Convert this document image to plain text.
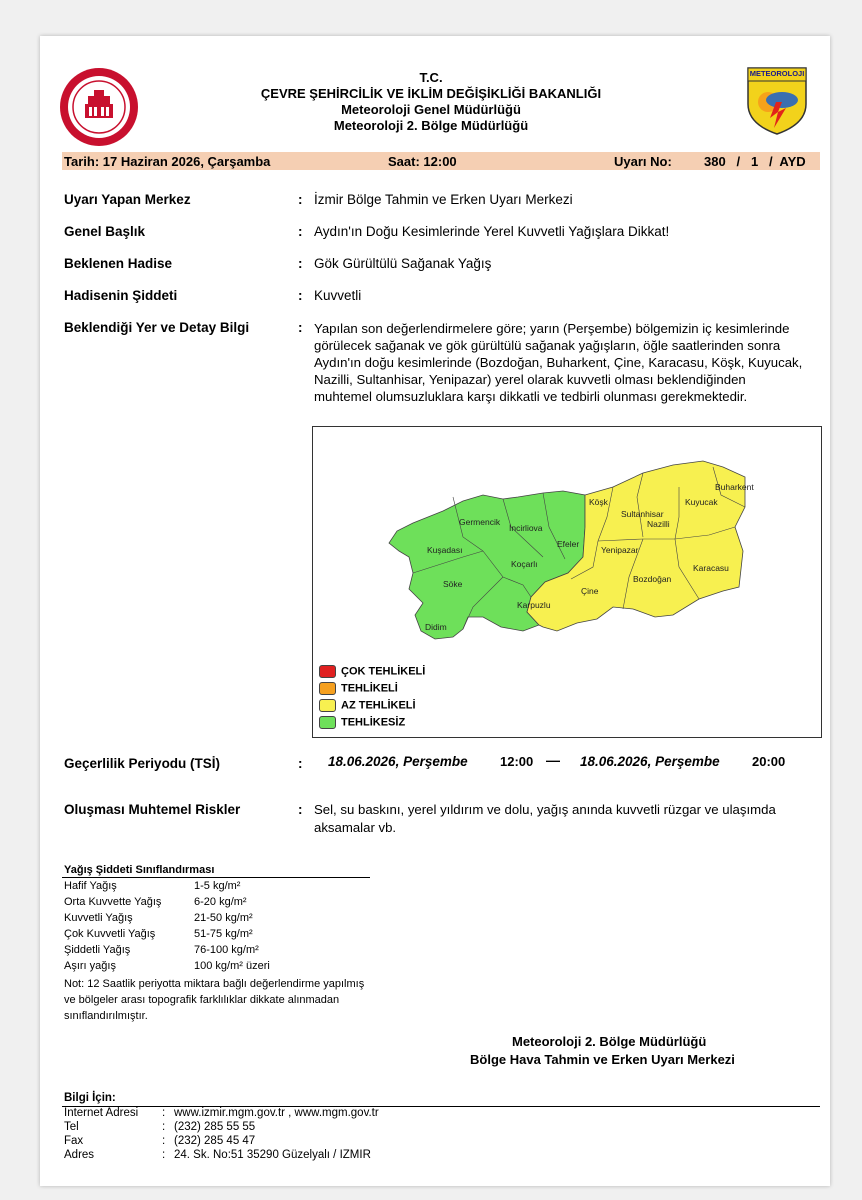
T.C.
ÇEVRE ŞEHİRCİLİK VE İKLİM DEĞİŞİKLİĞİ BAKANLIĞI
Meteoroloji Genel Müdürlüğü
Meteoroloji 2. Bölge Müdürlüğü
METEOROLOJI
Tarih: 17 Haziran 2026, Çarşamba	Saat: 12:00	Uyarı No: 380   /   1   /  AYD
Uyarı Yapan Merkez	: İzmir Bölge Tahmin ve Erken Uyarı Merkezi
Genel Başlık	: Aydın'ın Doğu Kesimlerinde Yerel Kuvvetli Yağışlara Dikkat!
Beklenen Hadise	: Gök Gürültülü Sağanak Yağış
Hadisenin Şiddeti	: Kuvvetli
Beklendiği Yer ve Detay Bilgi	: Yapılan son değerlendirmelere göre; yarın (Perşembe) bölgemizin iç kesimlerinde görülecek sağanak ve gök gürültülü sağanak yağışların, öğle saatlerinden sonra Aydın'ın doğu kesimlerinde (Bozdoğan, Buharkent, Çine, Karacasu, Köşk, Kuyucak, Nazilli, Sultanhisar, Yenipazar) yerel olarak kuvvetli olması beklendiğinden muhtemel olumsuzluklara karşı dikkatli ve tedbirli olunması gerekmektedir.
Germencik
İncirliova
Kuşadası
Efeler
Koçarlı
Söke
Karpuzlu
Didim
Köşk
Sultanhisar
Nazilli
Buharkent
Kuyucak
Yenipazar
Çine
Bozdoğan
Karacasu
ÇOK TEHLİKELİ
TEHLİKELİ
AZ TEHLİKELİ
TEHLİKESİZ
Geçerlilik Periyodu (TSİ)	: 18.06.2026, Perşembe 12:00 — 18.06.2026, Perşembe 20:00
Oluşması Muhtemel Riskler	: Sel, su baskını, yerel yıldırım ve dolu, yağış anında kuvvetli rüzgar ve ulaşımda aksamalar vb.
Yağış Şiddeti Sınıflandırması
Hafif Yağış	1-5 kg/m²
Orta Kuvvette Yağış	6-20 kg/m²
Kuvvetli Yağış	21-50 kg/m²
Çok Kuvvetli Yağış	51-75 kg/m²
Şiddetli Yağış	76-100 kg/m²
Aşırı yağış	100 kg/m² üzeri
Not: 12 Saatlik periyotta miktara bağlı değerlendirme yapılmış ve bölgeler arası topografik farklılıklar dikkate alınmadan sınıflandırılmıştır.
Meteoroloji 2. Bölge Müdürlüğü
Bölge Hava Tahmin ve Erken Uyarı Merkezi
Bilgi İçin:
Internet Adresi : www.izmir.mgm.gov.tr , www.mgm.gov.tr
Tel	: (232) 285 55 55
Fax	: (232) 285 45 47
Adres	: 24. Sk. No:51 35290 Güzelyalı / IZMIR
